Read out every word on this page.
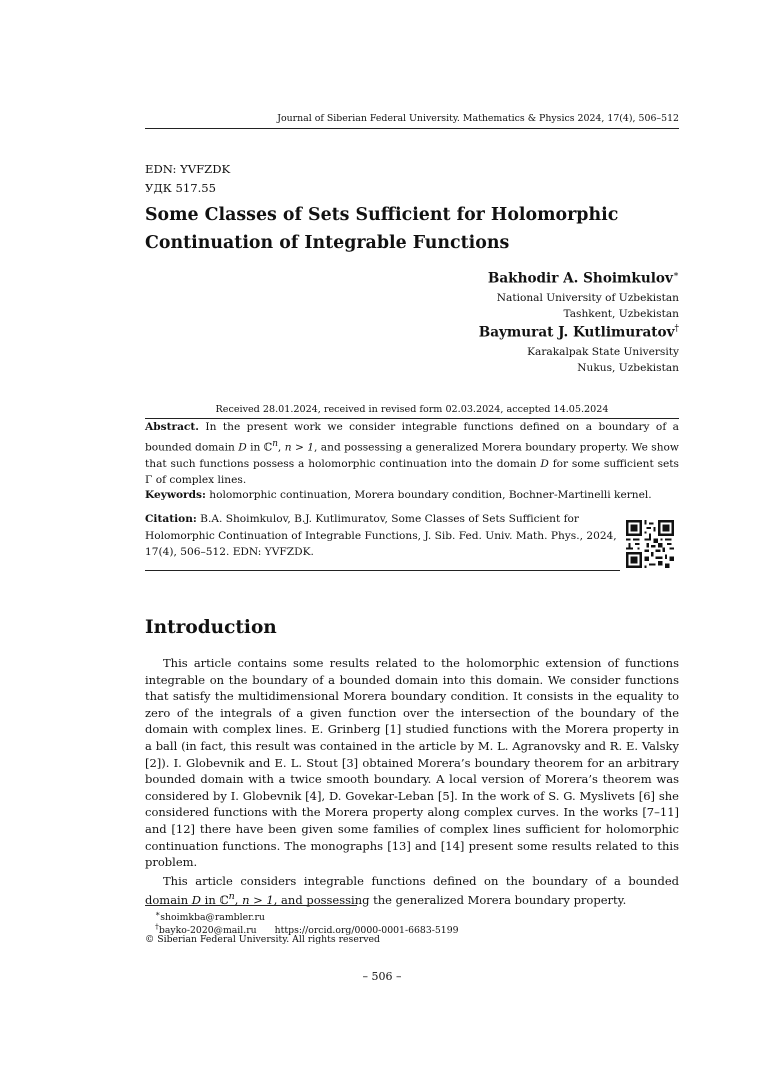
Journal of Siberian Federal University. Mathematics & Physics 2024, 17(4), 506–512
EDN: YVFZDK
УДК 517.55
Some Classes of Sets Sufficient for Holomorphic
Continuation of Integrable Functions
Bakhodir A. Shoimkulov∗
National University of Uzbekistan
Tashkent, Uzbekistan
Baymurat J. Kutlimuratov†
Karakalpak State University
Nukus, Uzbekistan
Received 28.01.2024, received in revised form 02.03.2024, accepted 14.05.2024
Abstract. In the present work we consider integrable functions defined on a boundary of a bounded domain D in ℂ$^n$, n > 1, and possessing a generalized Morera boundary property. We show that such functions possess a holomorphic continuation into the domain D for some sufficient sets Γ of complex lines.
Keywords: holomorphic continuation, Morera boundary condition, Bochner-Martinelli kernel.
Citation: B.A. Shoimkulov, B.J. Kutlimuratov, Some Classes of Sets Sufficient for
Holomorphic Continuation of Integrable Functions, J. Sib. Fed. Univ. Math. Phys., 2024,
17(4), 506–512. EDN: YVFZDK.
Introduction

This article contains some results related to the holomorphic extension of functions integrable on the boundary of a bounded domain into this domain. We consider functions that satisfy the multidimensional Morera boundary condition. It consists in the equality to zero of the integrals of a given function over the intersection of the boundary of the domain with complex lines. E. Grinberg [1] studied functions with the Morera property in a ball (in fact, this result was contained in the article by M. L. Agranovsky and R. E. Valsky [2]). I. Globevnik and E. L. Stout [3] obtained Morera’s boundary theorem for an arbitrary bounded domain with a twice smooth boundary. A local version of Morera’s theorem was considered by I. Globevnik [4], D. Govekar-Leban [5]. In the work of S. G. Myslivets [6] she considered functions with the Morera property along complex curves. In the works [7–11] and [12] there have been given some families of complex lines sufficient for holomorphic continuation functions. The monographs [13] and [14] present some results related to this problem.

This article considers integrable functions defined on the boundary of a bounded domain D in ℂ$^n$, n > 1, and possessing the generalized Morera boundary property.

∗shoimkba@rambler.ru
†bayko-2020@mail.ru https://orcid.org/0000-0001-6683-5199
© Siberian Federal University. All rights reserved
– 506 –
